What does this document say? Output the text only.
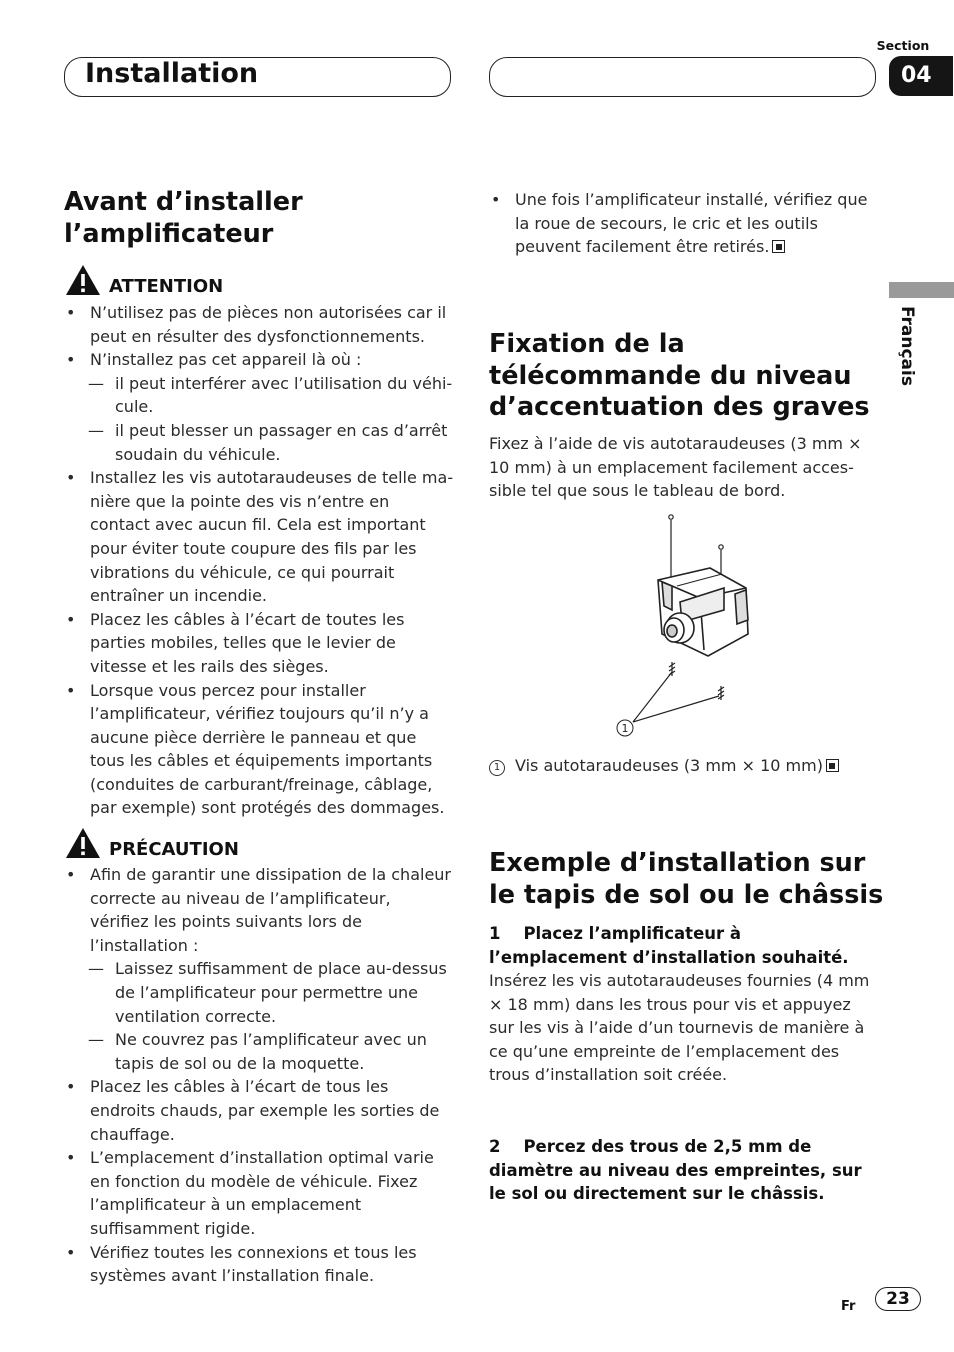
Installation
Section
04
Français
Avant d’installer
l’amplificateur
ATTENTION
• N’utilisez pas de pièces non autorisées car il peut en résulter des dysfonctionnements.
• N’installez pas cet appareil là où :
— il peut interférer avec l’utilisation du véhicule.
— il peut blesser un passager en cas d’arrêt soudain du véhicule.
• Installez les vis autotaraudeuses de telle manière que la pointe des vis n’entre en contact avec aucun fil. Cela est important pour éviter toute coupure des fils par les vibrations du véhicule, ce qui pourrait entraîner un incendie.
• Placez les câbles à l’écart de toutes les parties mobiles, telles que le levier de vitesse et les rails des sièges.
• Lorsque vous percez pour installer l’amplificateur, vérifiez toujours qu’il n’y a aucune pièce derrière le panneau et que tous les câbles et équipements importants (conduites de carburant/freinage, câblage, par exemple) sont protégés des dommages.
PRÉCAUTION
• Afin de garantir une dissipation de la chaleur correcte au niveau de l’amplificateur, vérifiez les points suivants lors de l’installation :
— Laissez suffisamment de place au-dessus de l’amplificateur pour permettre une ventilation correcte.
— Ne couvrez pas l’amplificateur avec un tapis de sol ou de la moquette.
• Placez les câbles à l’écart de tous les endroits chauds, par exemple les sorties de chauffage.
• L’emplacement d’installation optimal varie en fonction du modèle de véhicule. Fixez l’amplificateur à un emplacement suffisamment rigide.
• Vérifiez toutes les connexions et tous les systèmes avant l’installation finale.
• Une fois l’amplificateur installé, vérifiez que la roue de secours, le cric et les outils peuvent facilement être retirés.
Fixation de la
télécommande du niveau
d’accentuation des graves
Fixez à l’aide de vis autotaraudeuses (3 mm × 10 mm) à un emplacement facilement accessible tel que sous le tableau de bord.
1
1 Vis autotaraudeuses (3 mm × 10 mm)
Exemple d’installation sur
le tapis de sol ou le châssis
1    Placez l’amplificateur à l’emplacement d’installation souhaité.
Insérez les vis autotaraudeuses fournies (4 mm × 18 mm) dans les trous pour vis et appuyez sur les vis à l’aide d’un tournevis de manière à ce qu’une empreinte de l’emplacement des trous d’installation soit créée.
2    Percez des trous de 2,5 mm de diamètre au niveau des empreintes, sur le sol ou directement sur le châssis.
Fr	23
